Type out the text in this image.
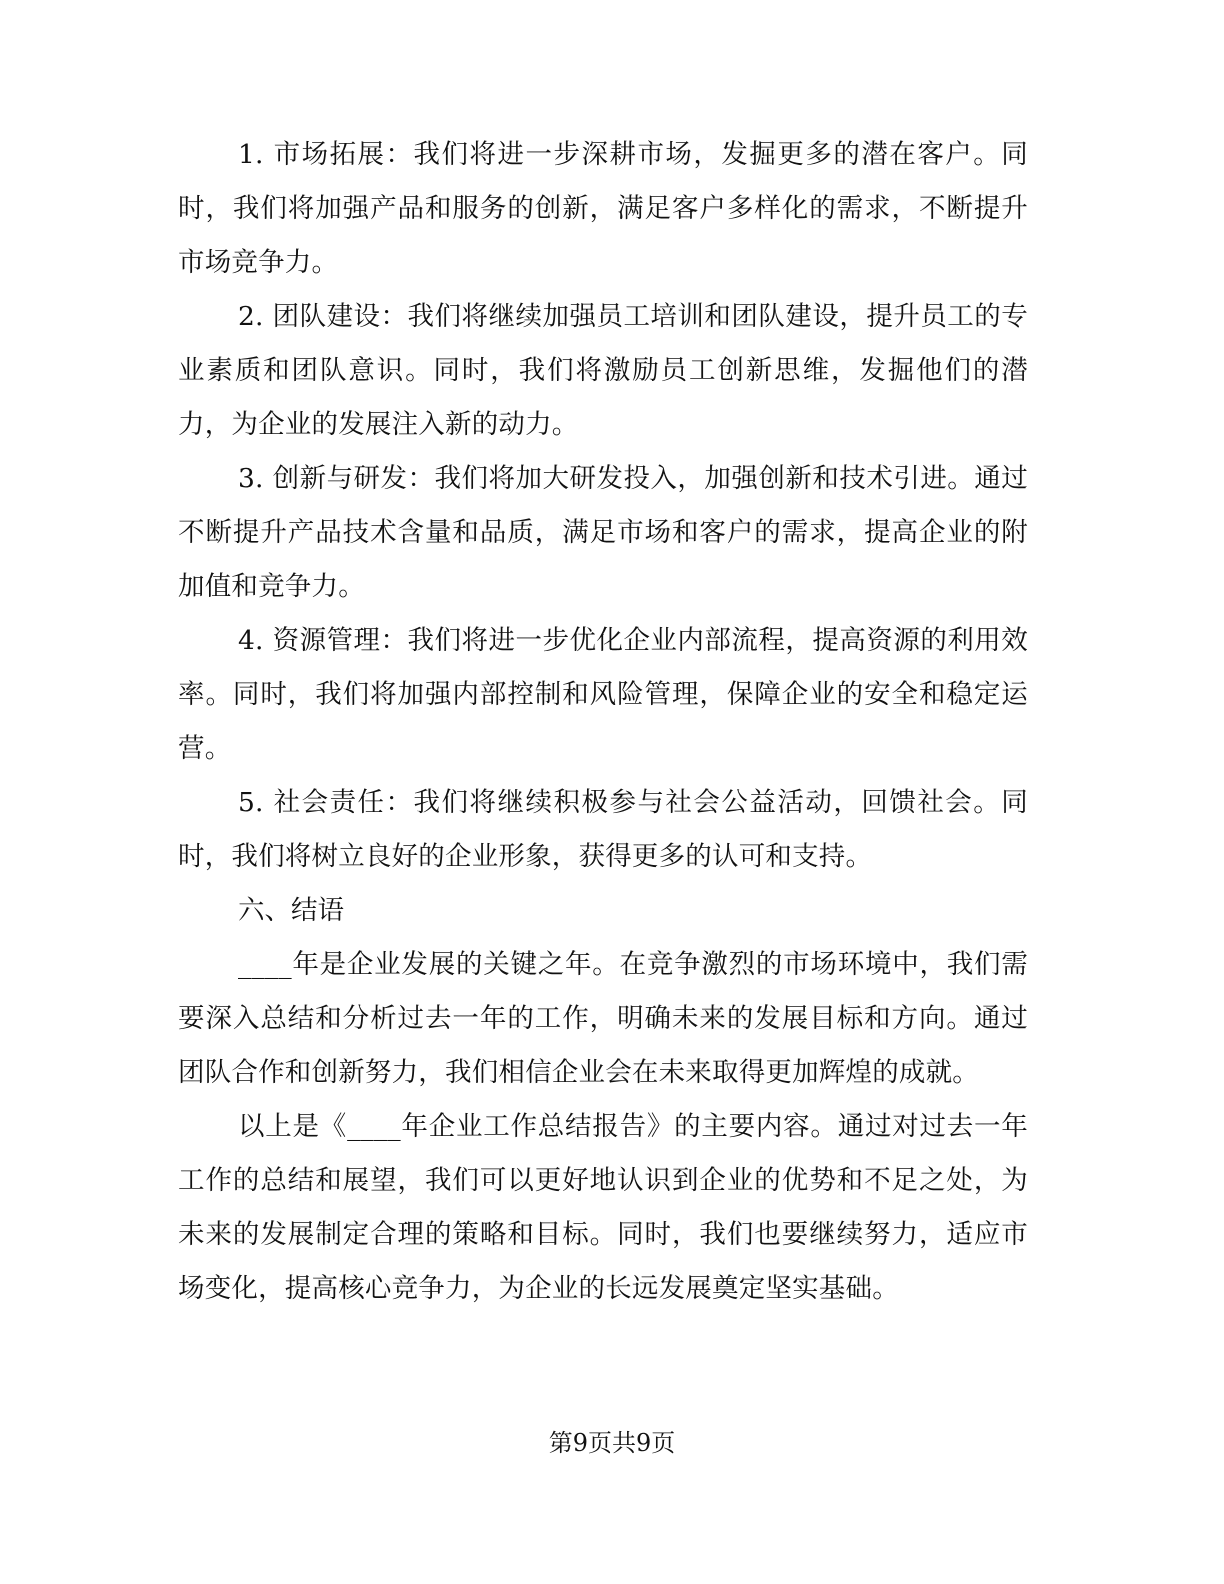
1. 市场拓展：我们将进一步深耕市场，发掘更多的潜在客户。同时，我们将加强产品和服务的创新，满足客户多样化的需求，不断提升市场竞争力。

2. 团队建设：我们将继续加强员工培训和团队建设，提升员工的专业素质和团队意识。同时，我们将激励员工创新思维，发掘他们的潜力，为企业的发展注入新的动力。

3. 创新与研发：我们将加大研发投入，加强创新和技术引进。通过不断提升产品技术含量和品质，满足市场和客户的需求，提高企业的附加值和竞争力。

4. 资源管理：我们将进一步优化企业内部流程，提高资源的利用效率。同时，我们将加强内部控制和风险管理，保障企业的安全和稳定运营。

5. 社会责任：我们将继续积极参与社会公益活动，回馈社会。同时，我们将树立良好的企业形象，获得更多的认可和支持。

六、结语

____年是企业发展的关键之年。在竞争激烈的市场环境中，我们需要深入总结和分析过去一年的工作，明确未来的发展目标和方向。通过团队合作和创新努力，我们相信企业会在未来取得更加辉煌的成就。

以上是《____年企业工作总结报告》的主要内容。通过对过去一年工作的总结和展望，我们可以更好地认识到企业的优势和不足之处，为未来的发展制定合理的策略和目标。同时，我们也要继续努力，适应市场变化，提高核心竞争力，为企业的长远发展奠定坚实基础。

第9页共9页
